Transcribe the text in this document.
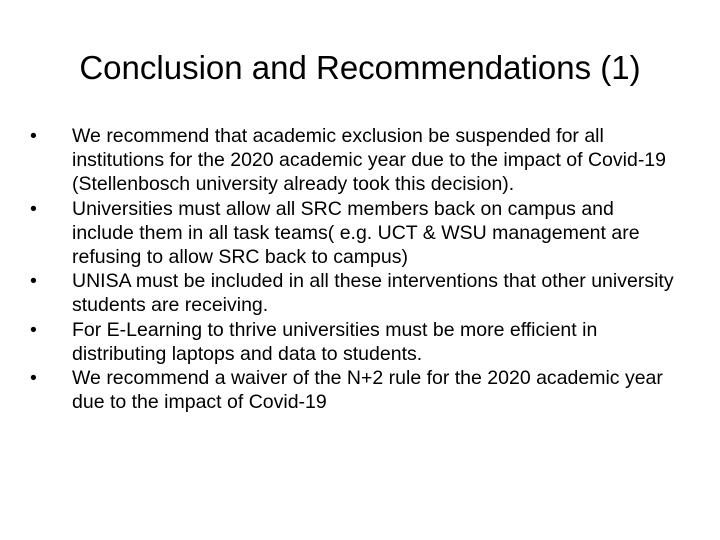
Conclusion and Recommendations (1)
•	We recommend that academic exclusion be suspended for all institutions for the 2020 academic year due to the impact of Covid-19 (Stellenbosch university already took this decision).
•	Universities must allow all SRC members back on campus and include them in all task teams( e.g. UCT & WSU management are refusing to allow SRC back to campus)
•	UNISA must be included in all these interventions that other university students are receiving.
•	For E-Learning to thrive universities must be more efficient in distributing laptops and data to students.
•	We recommend a waiver of the N+2 rule for the 2020 academic year due to the impact of Covid-19
